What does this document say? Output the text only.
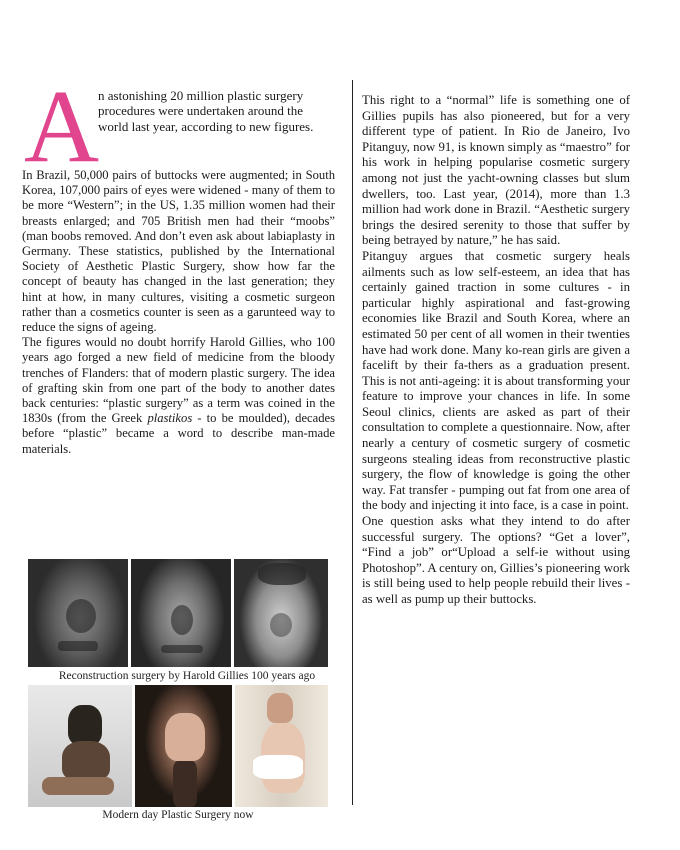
A
n astonishing 20 million plastic surgery procedures were undertaken around the world last year, according to new figures.

In Brazil, 50,000 pairs of buttocks were augmented; in South Korea, 107,000 pairs of eyes were widened - many of them to be more “Western”; in the US, 1.35 million women had their breasts enlarged; and 705 British men had their “moobs” (man boobs removed. And don’t even ask about labiaplasty in Germany. These statistics, published by the International Society of Aesthetic Plastic Surgery, show how far the concept of beauty has changed in the last generation; they hint at how, in many cultures, visiting a cosmetic surgeon rather than a cosmetics counter is seen as a garunteed way to reduce the signs of ageing.

The figures would no doubt horrify Harold Gillies, who 100 years ago forged a new field of medicine from the bloody trenches of Flanders: that of modern plastic surgery. The idea of grafting skin from one part of the body to another dates back centuries: “plastic surgery” as a term was coined in the 1830s (from the Greek plastikos - to be moulded), decades before “plastic” became a word to describe man-made materials.

Reconstruction surgery by Harold Gillies 100 years ago
Modern day Plastic Surgery now

This right to a “normal” life is something one of Gillies pupils has also pioneered, but for a very different type of patient. In Rio de Janeiro, Ivo Pitanguy, now 91, is known simply as “maestro” for his work in helping popularise cosmetic surgery among not just the yacht-owning classes but slum dwellers, too. Last year, (2014), more than 1.3 million had work done in Brazil. “Aesthetic surgery brings the desired serenity to those that suffer by being betrayed by nature,” he has said.

Pitanguy argues that cosmetic surgery heals ailments such as low self-esteem, an idea that has certainly gained traction in some cultures - in particular highly aspirational and fast-growing economies like Brazil and South Korea, where an estimated 50 per cent of all women in their twenties have had work done. Many ko-rean girls are given a facelift by their fa-thers as a graduation present. This is not anti-ageing: it is about transforming your feature to improve your chances in life. In some Seoul clinics, clients are asked as part of their consultation to complete a questionnaire. Now, after nearly a century of cosmetic surgery of cosmetic surgeons stealing ideas from reconstructive plastic surgery, the flow of knowledge is going the other way. Fat transfer - pumping out fat from one area of the body and injecting it into face, is a case in point.

One question asks what they intend to do after successful surgery. The options? “Get a lover”, “Find a job” or“Upload a self-ie without using Photoshop”. A century on, Gillies’s pioneering work is still being used to help people rebuild their lives - as well as pump up their buttocks.
